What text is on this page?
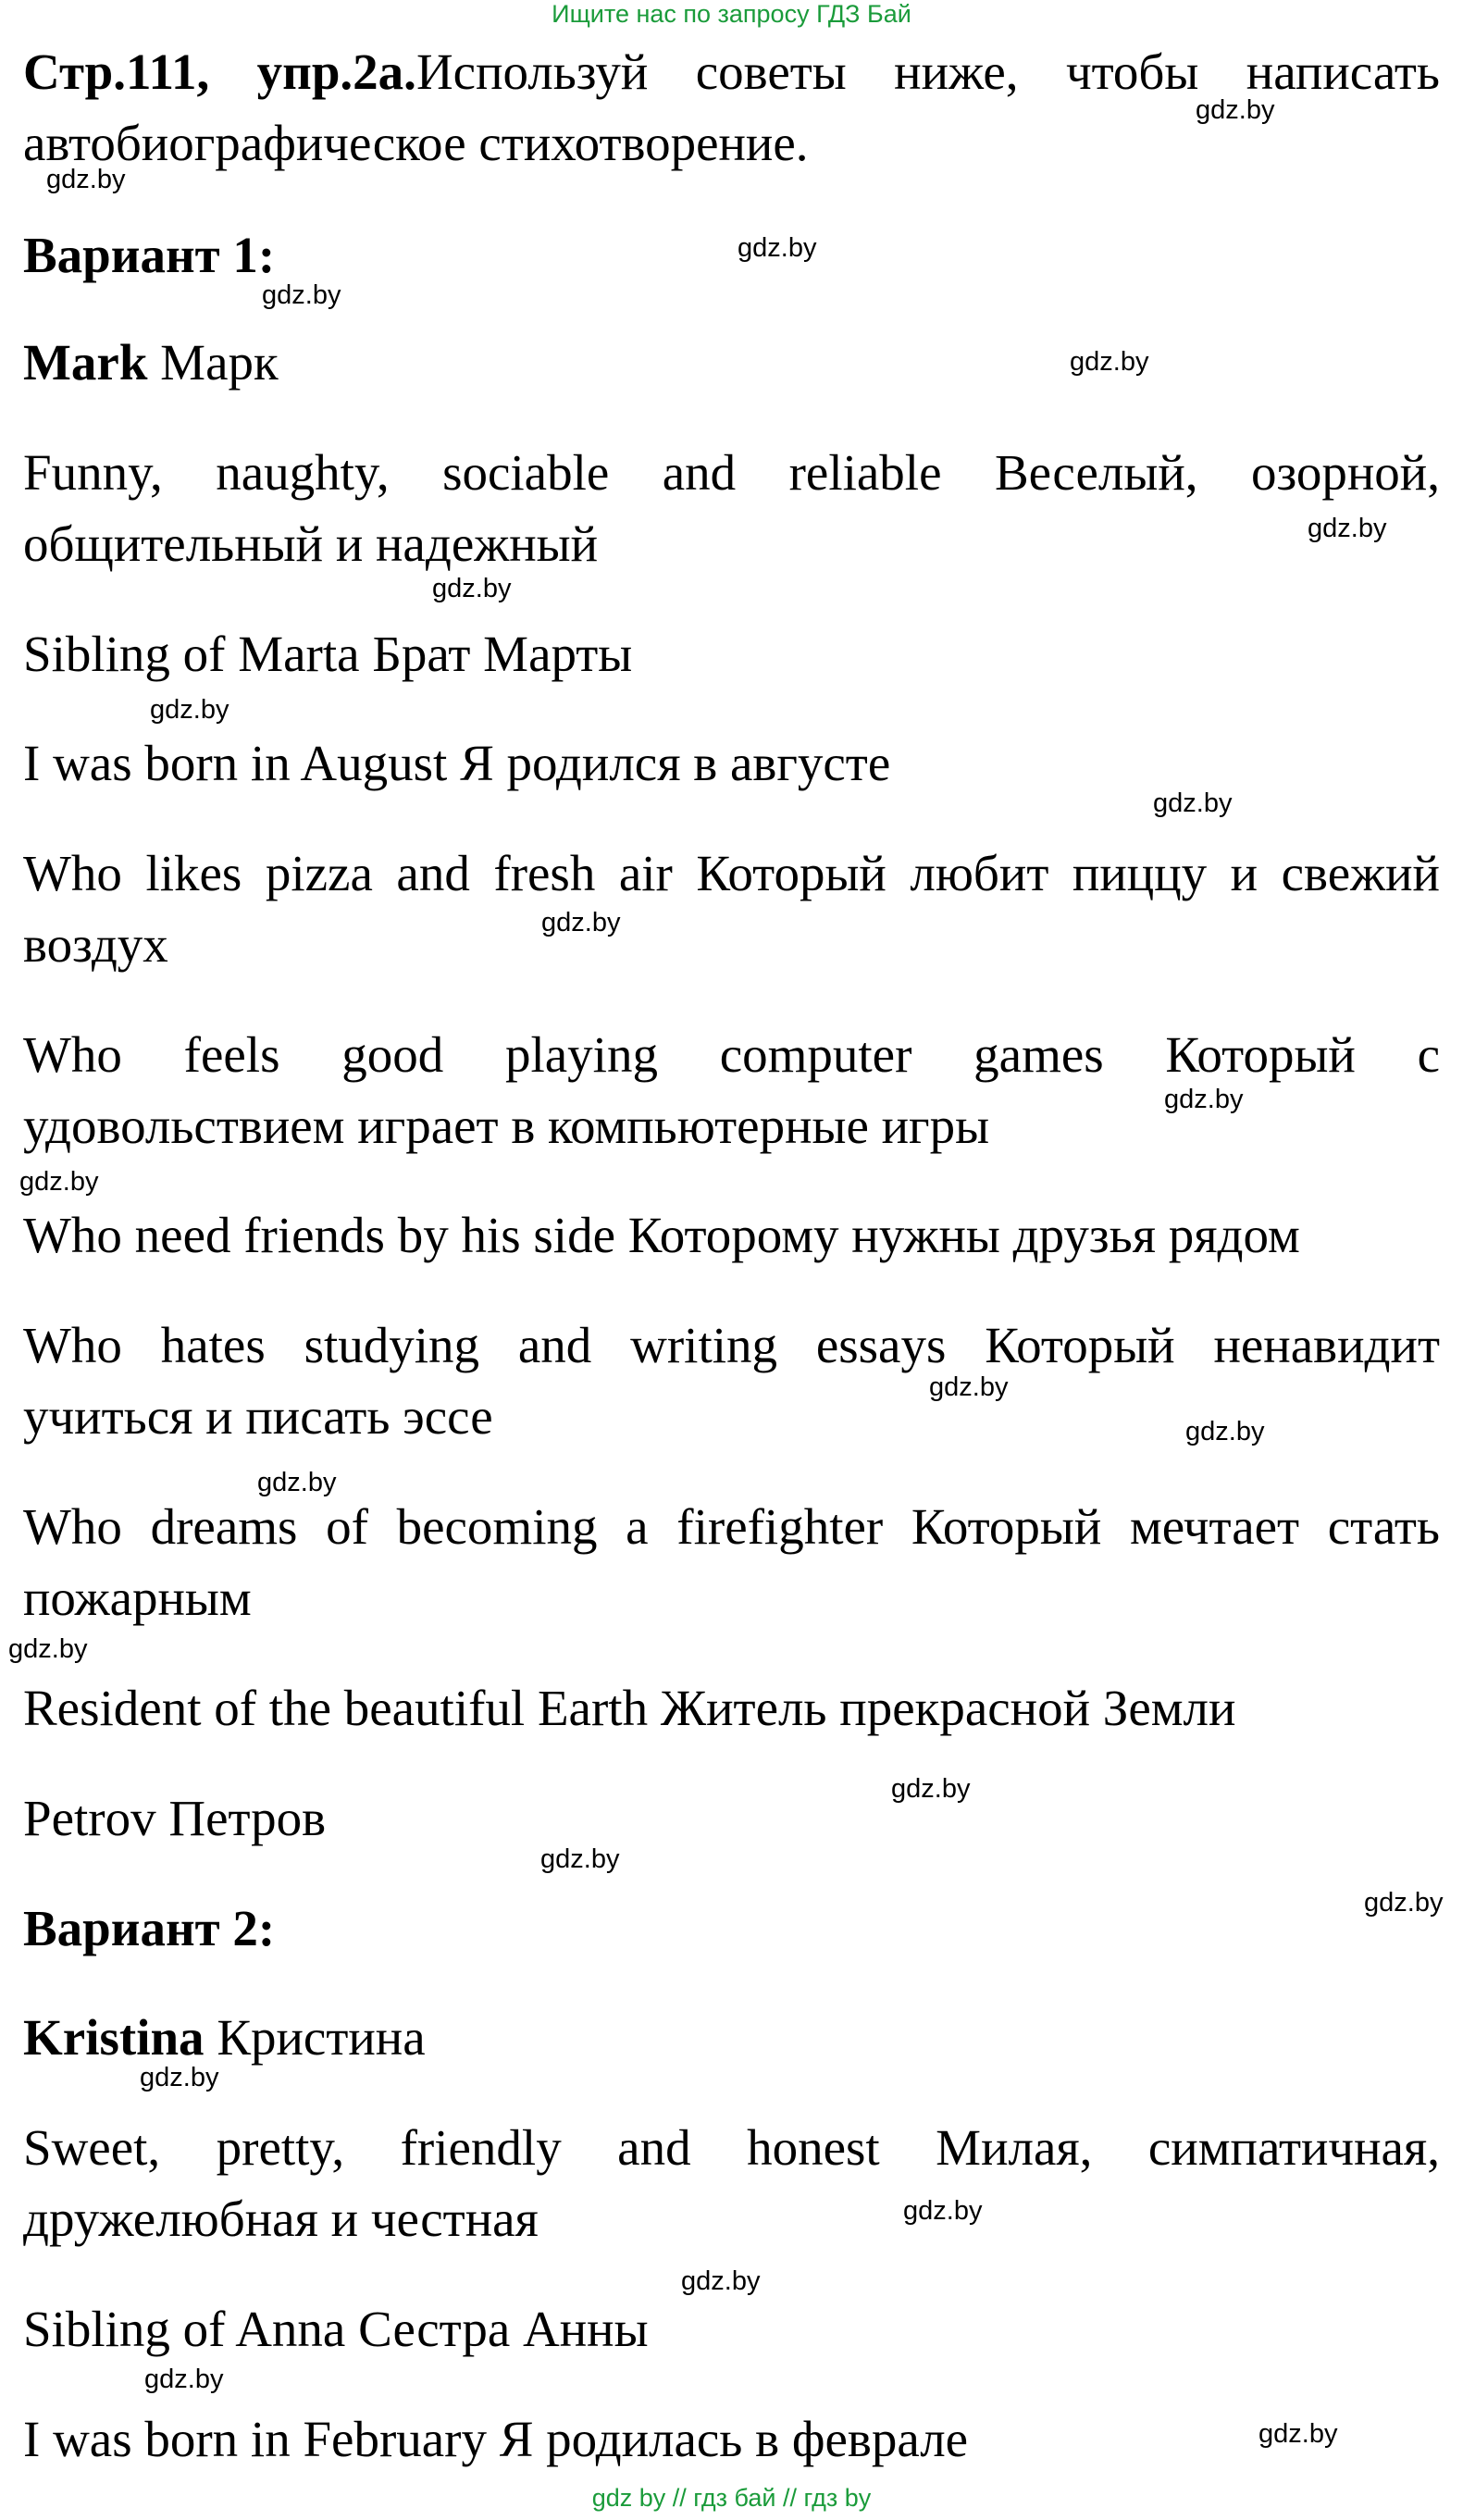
Ищите нас по запросу ГДЗ Бай
Стр.111, упр.2а.Используй советы ниже, чтобы написать
автобиографическое стихотворение.
Вариант 1:
Mark Марк
Funny, naughty, sociable and reliable Веселый, озорной,
общительный и надежный
Sibling of Marta Брат Марты
I was born in August Я родился в августе
Who likes pizza and fresh air Который любит пиццу и свежий
воздух
Who feels good playing computer games Который с
удовольствием играет в компьютерные игры
Who need friends by his side Которому нужны друзья рядом
Who hates studying and writing essays Который ненавидит
учиться и писать эссе
Who dreams of becoming a firefighter Который мечтает стать
пожарным
Resident of the beautiful Earth Житель прекрасной Земли
Petrov Петров
Вариант 2:
Kristina Кристина
Sweet, pretty, friendly and honest Милая, симпатичная,
дружелюбная и честная
Sibling of Anna Сестра Анны
I was born in February Я родилась в феврале
gdz.by
gdz.by
gdz.by
gdz.by
gdz.by
gdz.by
gdz.by
gdz.by
gdz.by
gdz.by
gdz.by
gdz.by
gdz.by
gdz.by
gdz.by
gdz.by
gdz.by
gdz.by
gdz.by
gdz.by
gdz.by
gdz.by
gdz.by
gdz.by
gdz by // гдз бай // гдз by
